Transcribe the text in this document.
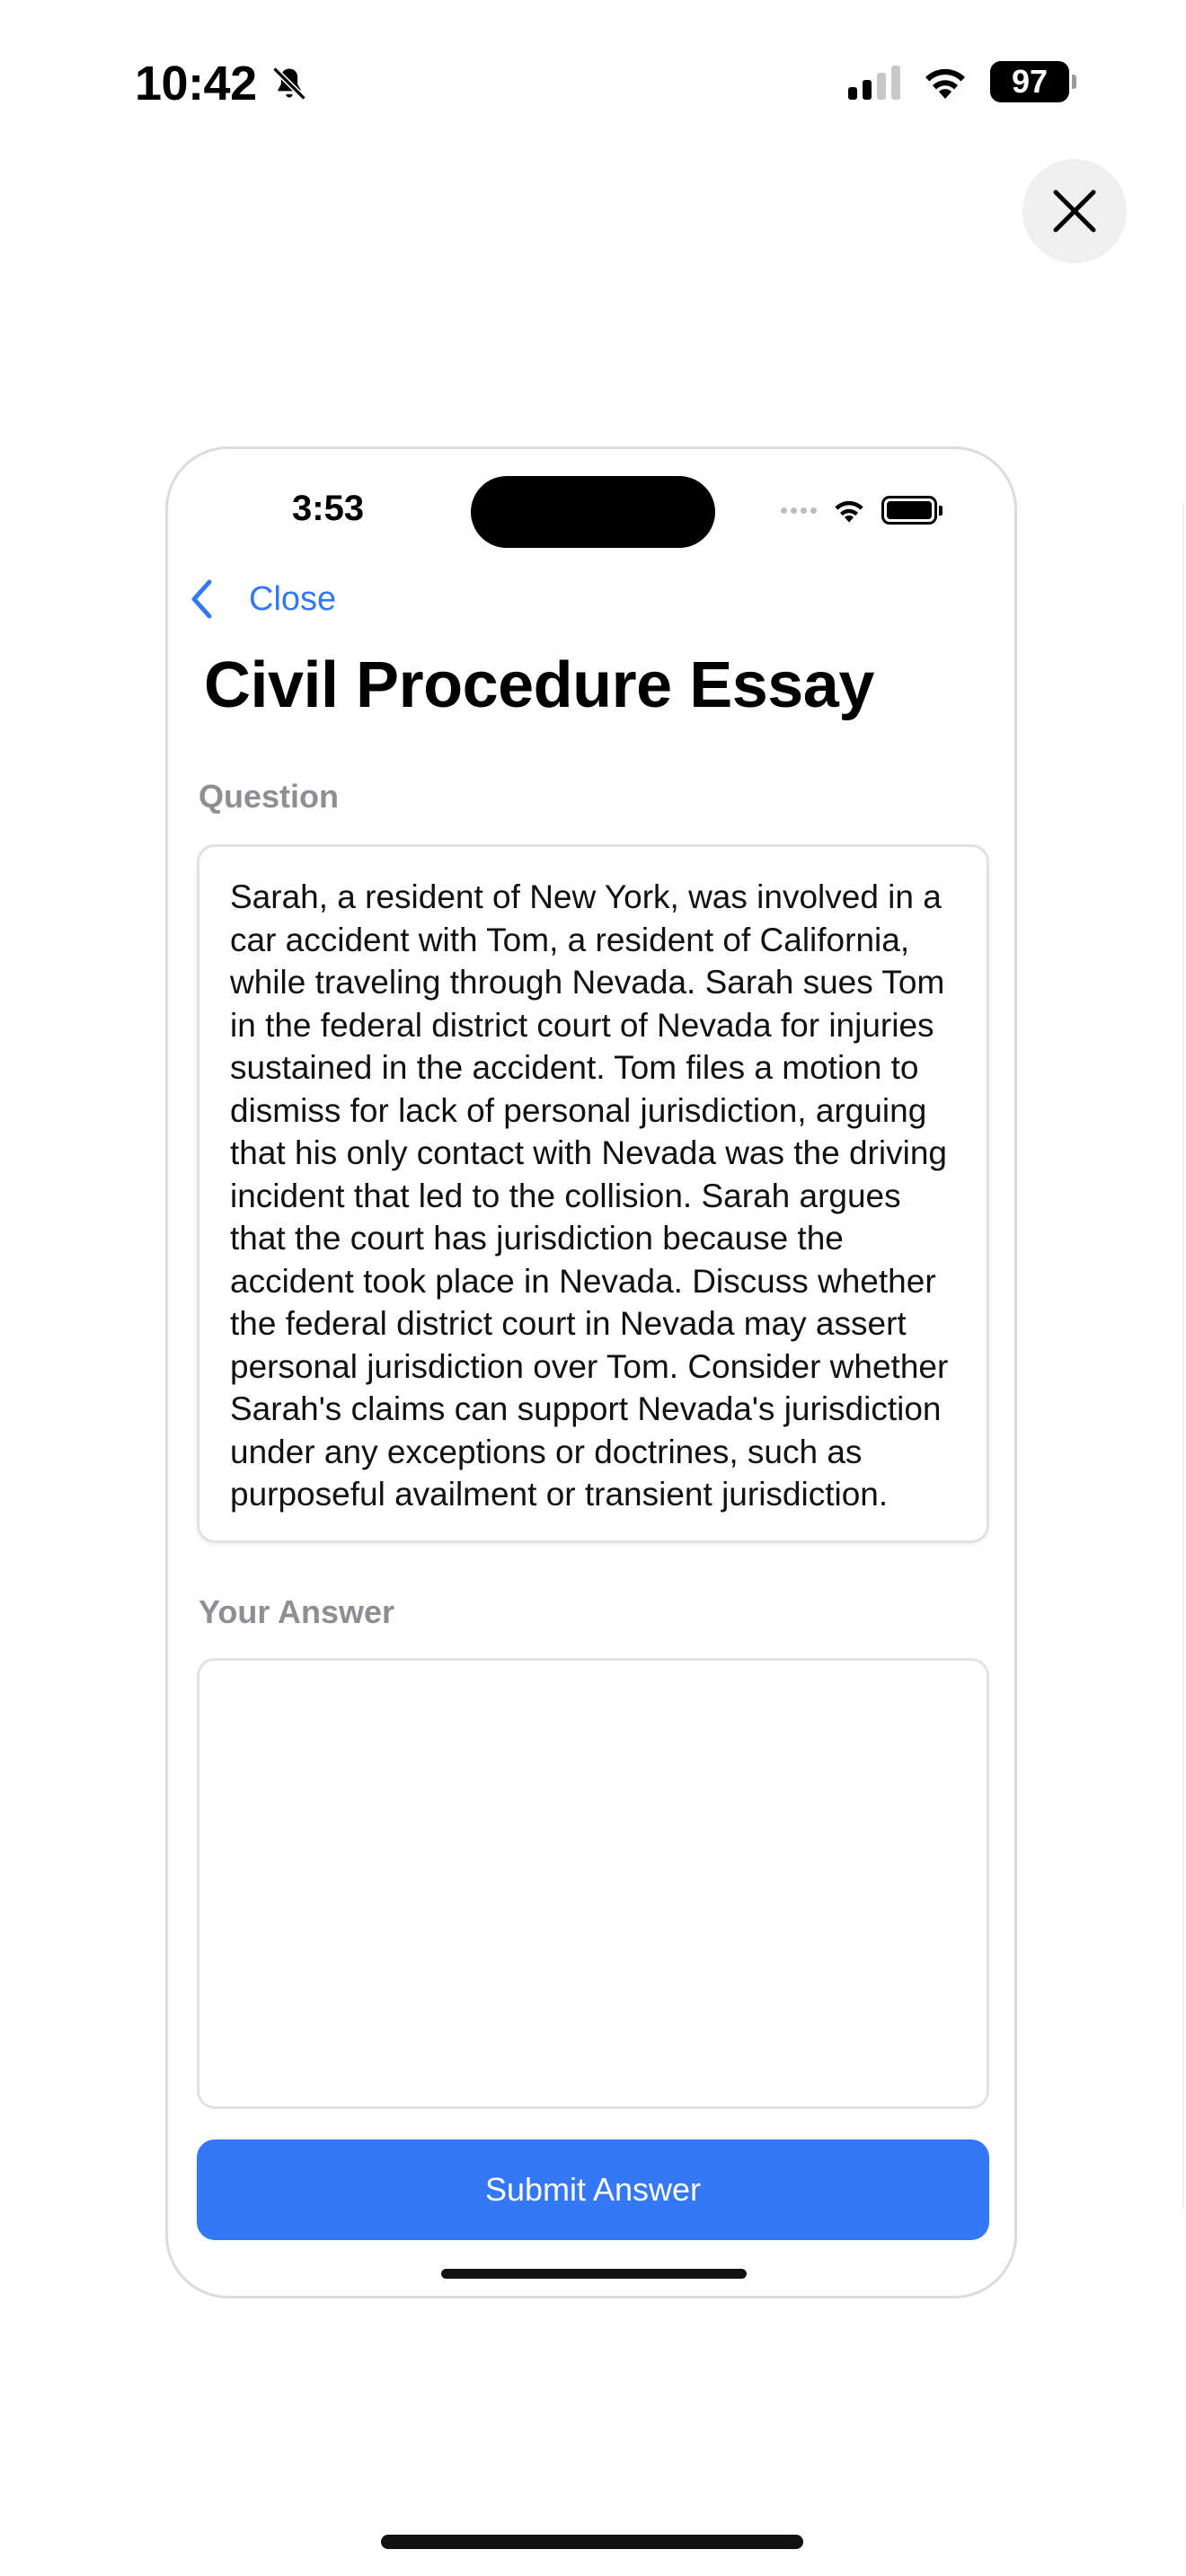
10:42	97
3:53
Close
Civil Procedure Essay
Question
Sarah, a resident of New York, was involved in a car accident with Tom, a resident of California, while traveling through Nevada. Sarah sues Tom in the federal district court of Nevada for injuries sustained in the accident. Tom files a motion to dismiss for lack of personal jurisdiction, arguing that his only contact with Nevada was the driving incident that led to the collision. Sarah argues that the court has jurisdiction because the accident took place in Nevada. Discuss whether the federal district court in Nevada may assert personal jurisdiction over Tom. Consider whether Sarah's claims can support Nevada's jurisdiction under any exceptions or doctrines, such as purposeful availment or transient jurisdiction.
Your Answer
Submit Answer
